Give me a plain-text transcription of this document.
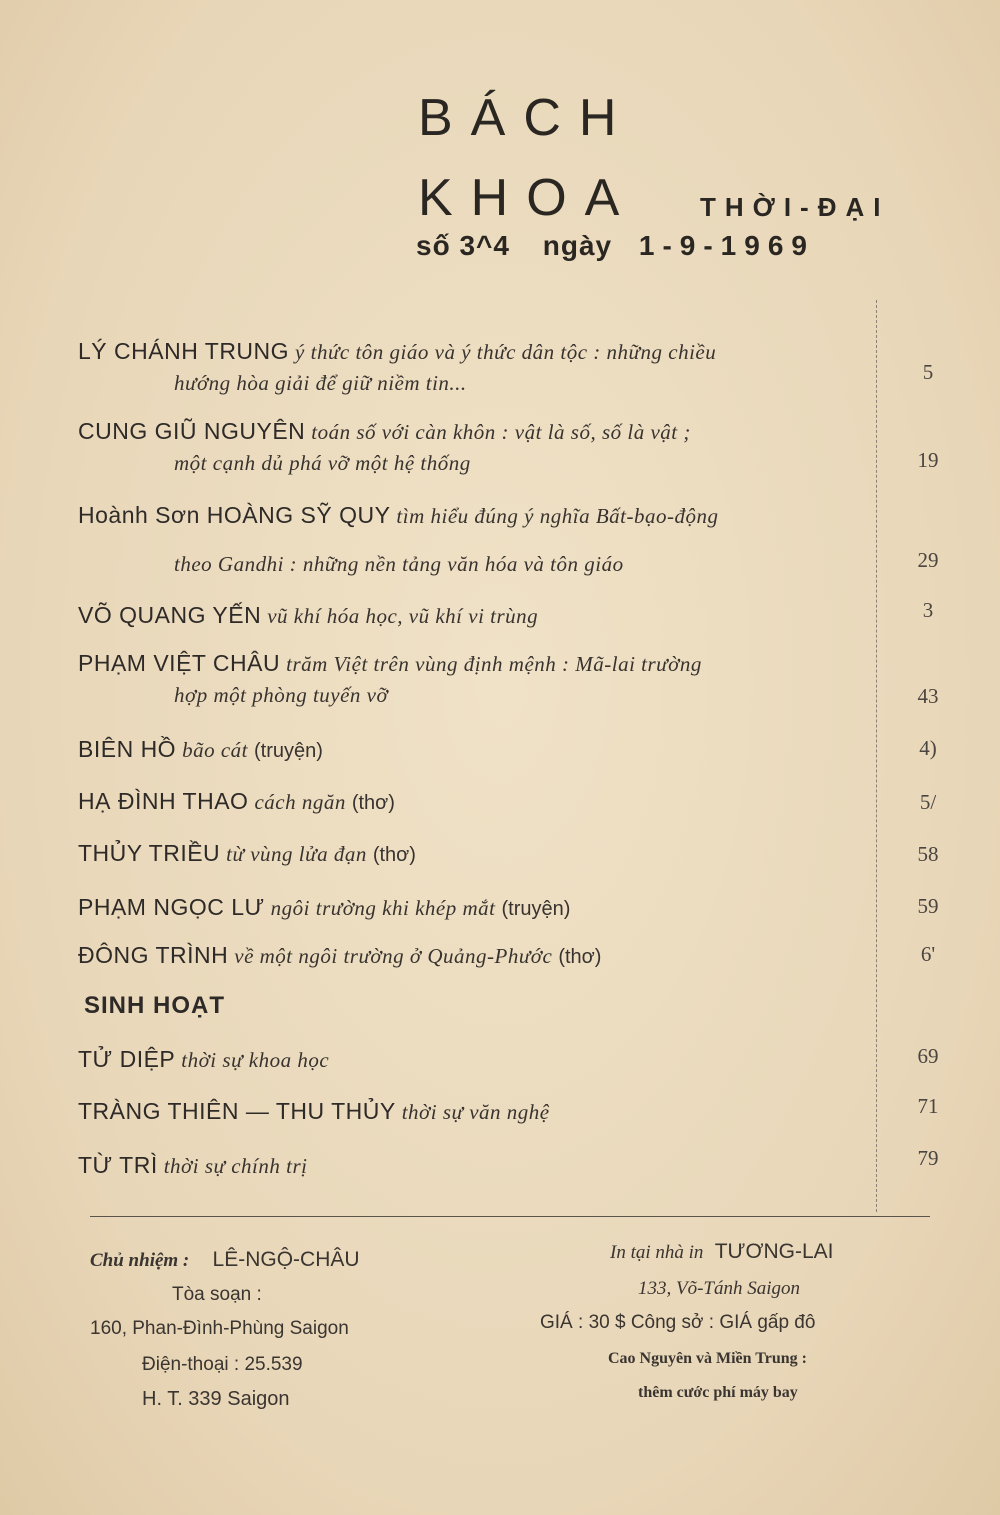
BÁCH
KHOA THỜI-ĐẠI
số 3^4 ngày 1-9-1969
LÝ CHÁNH TRUNG ý thức tôn giáo và ý thức dân tộc : những chiều
hướng hòa giải để giữ niềm tin...	5
CUNG GIŨ NGUYÊN toán số với càn khôn : vật là số, số là vật ;
một cạnh dủ phá vỡ một hệ thống	19
Hoành Sơn HOÀNG SỸ QUY tìm hiểu đúng ý nghĩa Bất-bạo-động
theo Gandhi : những nền tảng văn hóa và tôn giáo	29
VÕ QUANG YẾN vũ khí hóa học, vũ khí vi trùng	3
PHẠM VIỆT CHÂU trăm Việt trên vùng định mệnh : Mã-lai trường
hợp một phòng tuyến vỡ	43
BIÊN HỒ bão cát (truyện)	4)
HẠ ĐÌNH THAO cách ngăn (thơ)	5/
THỦY TRIỀU từ vùng lửa đạn (thơ)	58
PHẠM NGỌC LƯ ngôi trường khi khép mắt (truyện)	59
ĐÔNG TRÌNH về một ngôi trường ở Quảng-Phước (thơ)	6'
SINH HOẠT
TỬ DIỆP thời sự khoa học	69
TRÀNG THIÊN — THU THỦY thời sự văn nghệ	71
TỪ TRÌ thời sự chính trị	79
Chủ nhiệm : LÊ-NGỘ-CHÂU
Tòa soạn :
160, Phan-Đình-Phùng Saigon
Điện-thoại : 25.539
H. T. 339 Saigon
In tại nhà in TƯƠNG-LAI
133, Võ-Tánh Saigon
GIÁ : 30 $ Công sở : GIÁ gấp đô
Cao Nguyên và Miền Trung :
thêm cước phí máy bay
